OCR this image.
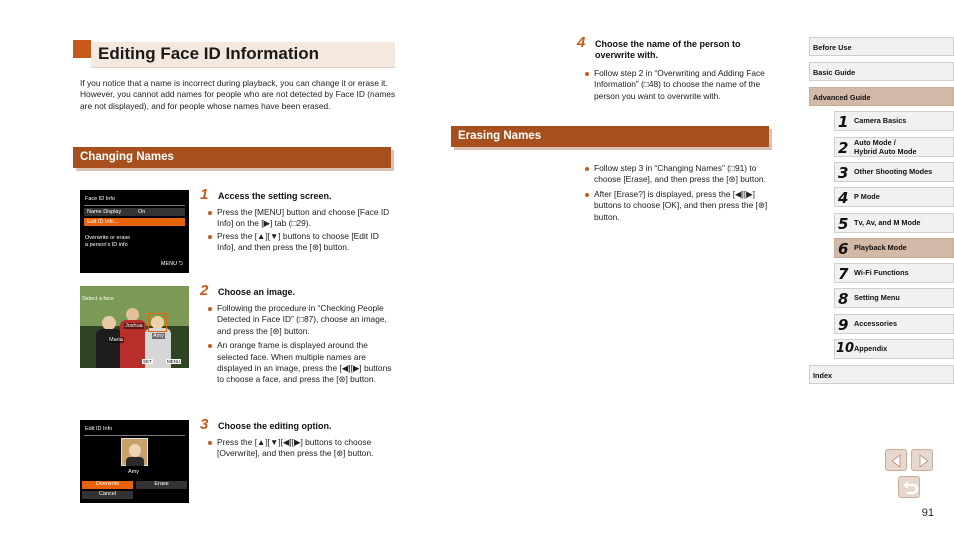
Editing Face ID Information
If you notice that a name is incorrect during playback, you can change it or erase it.
However, you cannot add names for people who are not detected by Face ID (names are not displayed), and for people whose names have been erased.
Changing Names
Face ID Info
Name Display	On
Edit ID Info...
Overwrite or erase
a person's ID info
MENU ⮌
1 Access the setting screen.
Press the [MENU] button and choose [Face ID Info] on the [▶] tab (□29).
Press the [▲][▼] buttons to choose [Edit ID Info], and then press the [⊛] button.
Select a face
Joshua
Amy
Maria
SET	MENU
2 Choose an image.
Following the procedure in “Checking People Detected in Face ID” (□87), choose an image, and press the [⊛] button.
An orange frame is displayed around the selected face. When multiple names are displayed in an image, press the [◀][▶] buttons to choose a face, and press the [⊛] button.
Edit ID Info
Amy
Overwrite	Erase
Cancel
3 Choose the editing option.
Press the [▲][▼][◀][▶] buttons to choose [Overwrite], and then press the [⊛] button.
4 Choose the name of the person to overwrite with.
Follow step 2 in “Overwriting and Adding Face Information” (□48) to choose the name of the person you want to overwrite with.
Erasing Names
Follow step 3 in “Changing Names” (□91) to choose [Erase], and then press the [⊛] button.
After [Erase?] is displayed, press the [◀][▶] buttons to choose [OK], and then press the [⊛] button.
Before Use
Basic Guide
Advanced Guide
1 Camera Basics
2 Auto Mode /
Hybrid Auto Mode
3 Other Shooting Modes
4 P Mode
5 Tv, Av, and M Mode
6 Playback Mode
7 Wi-Fi Functions
8 Setting Menu
9 Accessories
10 Appendix
Index
91
